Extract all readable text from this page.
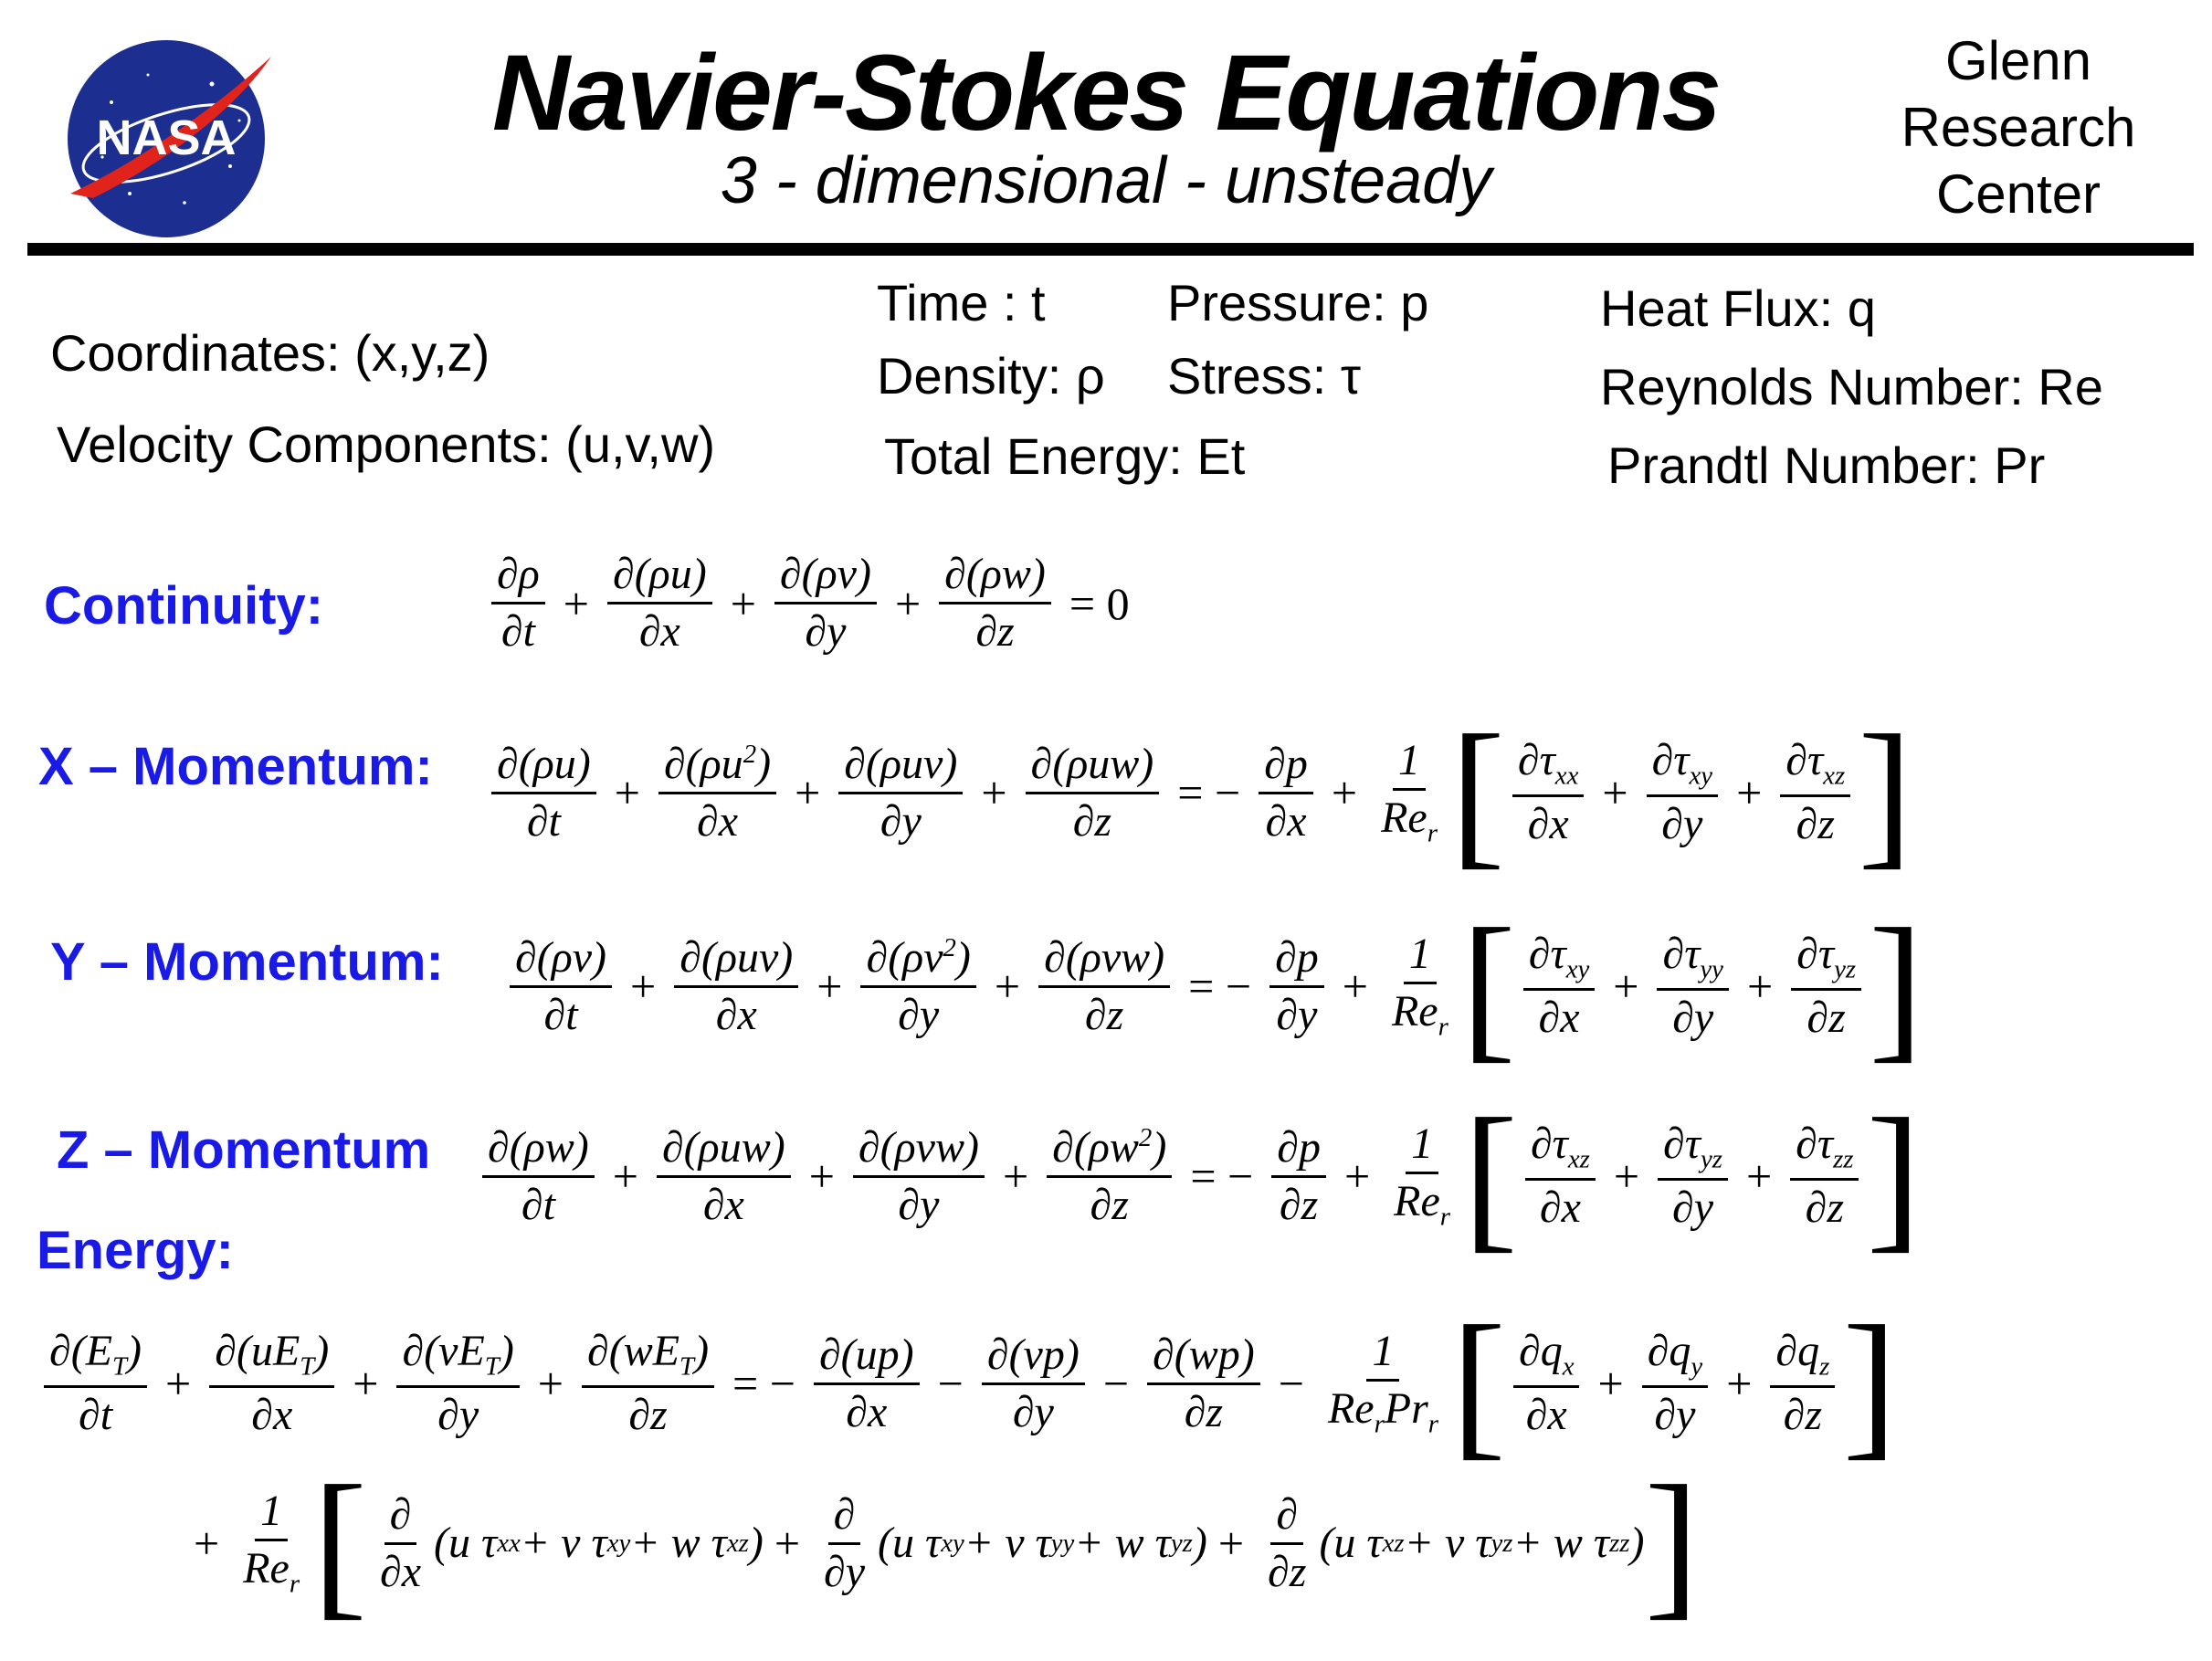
NASA	Navier-Stokes Equations
3 - dimensional - unsteady
Glenn
Research
Center
Coordinates: (x,y,z)
Velocity Components: (u,v,w)
Time : t
Density: ρ
Total Energy: Et
Pressure: p
Stress: τ
Heat Flux: q
Reynolds Number: Re
Prandtl Number: Pr
Continuity:
X – Momentum:
Y – Momentum:
Z – Momentum
Energy:
$\frac{\partial\rho}{\partial t} + \frac{\partial(\rho u)}{\partial x} + \frac{\partial(\rho v)}{\partial y} + \frac{\partial(\rho w)}{\partial z} = 0$
$\frac{\partial(\rho u)}{\partial t} + \frac{\partial(\rho u^2)}{\partial x} + \frac{\text{∂(ρuv)}}{\partial y} + \frac{\text{∂(ρuw)}}{\partial z}$ = − $\frac{\partial p}{\partial x} + \frac{1}{Re_r}$ [ $\frac{\partial\tau_{xx}}{\partial x} + \frac{\partial\tau_{xy}}{\partial y} + \frac{\partial\tau_{xz}}{\partial z}$ ]
$\frac{\partial(\rho v)}{\partial t} + \frac{\text{∂(ρuv)}}{\partial x} + \frac{\partial(\rho v^2)}{\partial y} + \frac{\text{∂(ρvw)}}{\partial z}$ = − $\frac{\partial p}{\partial y} + \frac{1}{Re_r}$ [ $\frac{\partial\tau_{xy}}{\partial x} + \frac{\partial\tau_{yy}}{\partial y} + \frac{\partial\tau_{yz}}{\partial z}$ ]
$\frac{\partial(\rho w)}{\partial t} + \frac{\text{∂(ρuw)}}{\partial x} + \frac{\text{∂(ρvw)}}{\partial y} + \frac{\partial(\rho w^2)}{\partial z}$ = − $\frac{\partial p}{\partial z} + \frac{1}{Re_r}$ [ $\frac{\partial\tau_{xz}}{\partial x} + \frac{\partial\tau_{yz}}{\partial y} + \frac{\partial\tau_{zz}}{\partial z}$ ]
$\frac{\partial(E_T)}{\partial t} + \frac{\partial(uE_T)}{\partial x} + \frac{\partial(vE_T)}{\partial y} + \frac{\partial(wE_T)}{\partial z}$ = − $\frac{\partial(up)}{\partial x} - \frac{\partial(vp)}{\partial y} - \frac{\partial(wp)}{\partial z} - \frac{1}{Re_rPr_r}$ [ $\frac{\partial q_x}{\partial x} + \frac{\partial q_y}{\partial y} + \frac{\partial q_z}{\partial z}$ ]
+ $\frac{1}{Re_r}$ [ $\frac{\partial}{\partial x} (u$ τ xx + v τ xy + w τ xz ) + $\frac{\partial}{\partial y} (u$ τ xy + v τ yy + w τ yz ) + $\frac{\partial}{\partial z} (u$ τ xz + v τ yz + w τ zz ) ]
